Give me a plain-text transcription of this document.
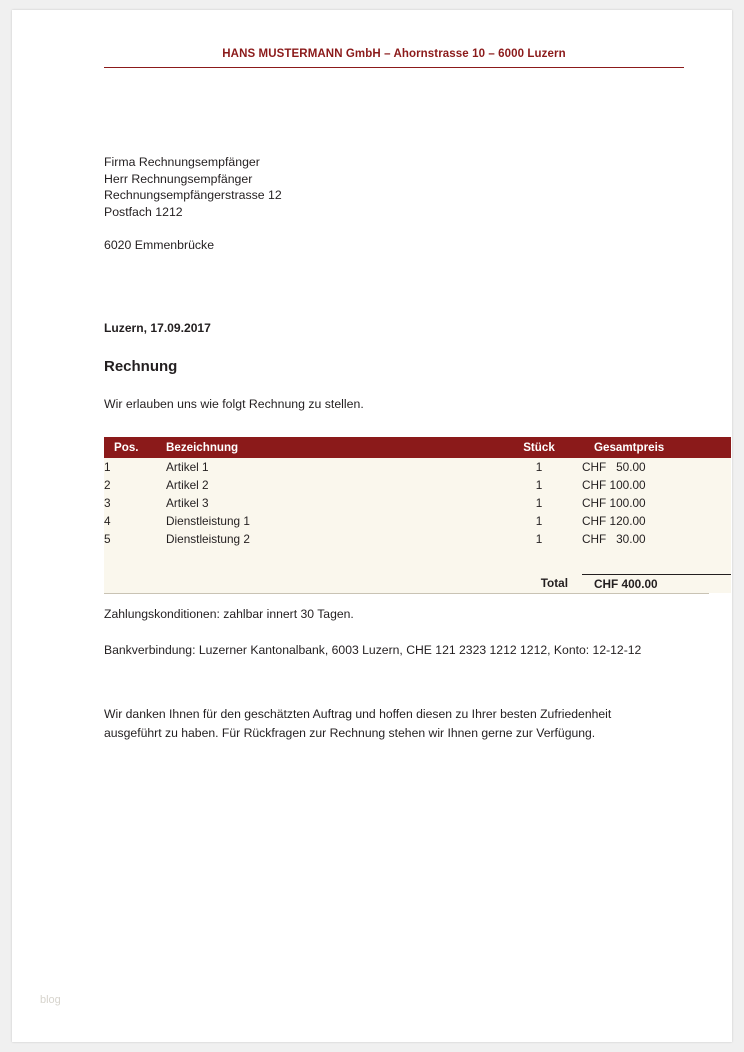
HANS MUSTERMANN GmbH – Ahornstrasse 10 – 6000 Luzern
Firma Rechnungsempfänger
Herr Rechnungsempfänger
Rechnungsempfängerstrasse 12
Postfach 1212
6020 Emmenbrücke
Luzern, 17.09.2017
Rechnung
Wir erlauben uns wie folgt Rechnung zu stellen.
Pos.	Bezeichnung	Stück	Gesamtpreis
1	Artikel 1	1	CHF   50.00
2	Artikel 2	1	CHF 100.00
3	Artikel 3	1	CHF 100.00
4	Dienstleistung 1	1	CHF 120.00
5	Dienstleistung 2	1	CHF   30.00

	Total		CHF 400.00
Zahlungskonditionen: zahlbar innert 30 Tagen.
Bankverbindung: Luzerner Kantonalbank, 6003 Luzern, CHE 121 2323 1212 1212, Konto: 12-12-12
Wir danken Ihnen für den geschätzten Auftrag und hoffen diesen zu Ihrer besten Zufriedenheit
ausgeführt zu haben. Für Rückfragen zur Rechnung stehen wir Ihnen gerne zur Verfügung.
blog
